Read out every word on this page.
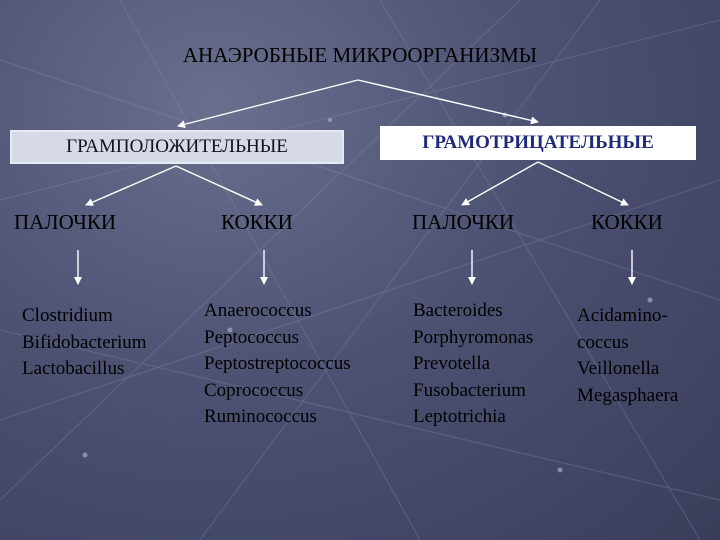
АНАЭРОБНЫЕ МИКРООРГАНИЗМЫ
ГРАМПОЛОЖИТЕЛЬНЫЕ	ГРАМОТРИЦАТЕЛЬНЫЕ
ПАЛОЧКИ	КОККИ	ПАЛОЧКИ	КОККИ
Clostridium
Bifidobacterium
Lactobacillus
Anaerococcus
Peptococcus
Peptostreptococcus
Coprococcus
Ruminococcus
Bacteroides
Porphyromonas
Prevotella
Fusobacterium
Leptotrichia
Acidamino-
coccus
Veillonella
Megasphaera
